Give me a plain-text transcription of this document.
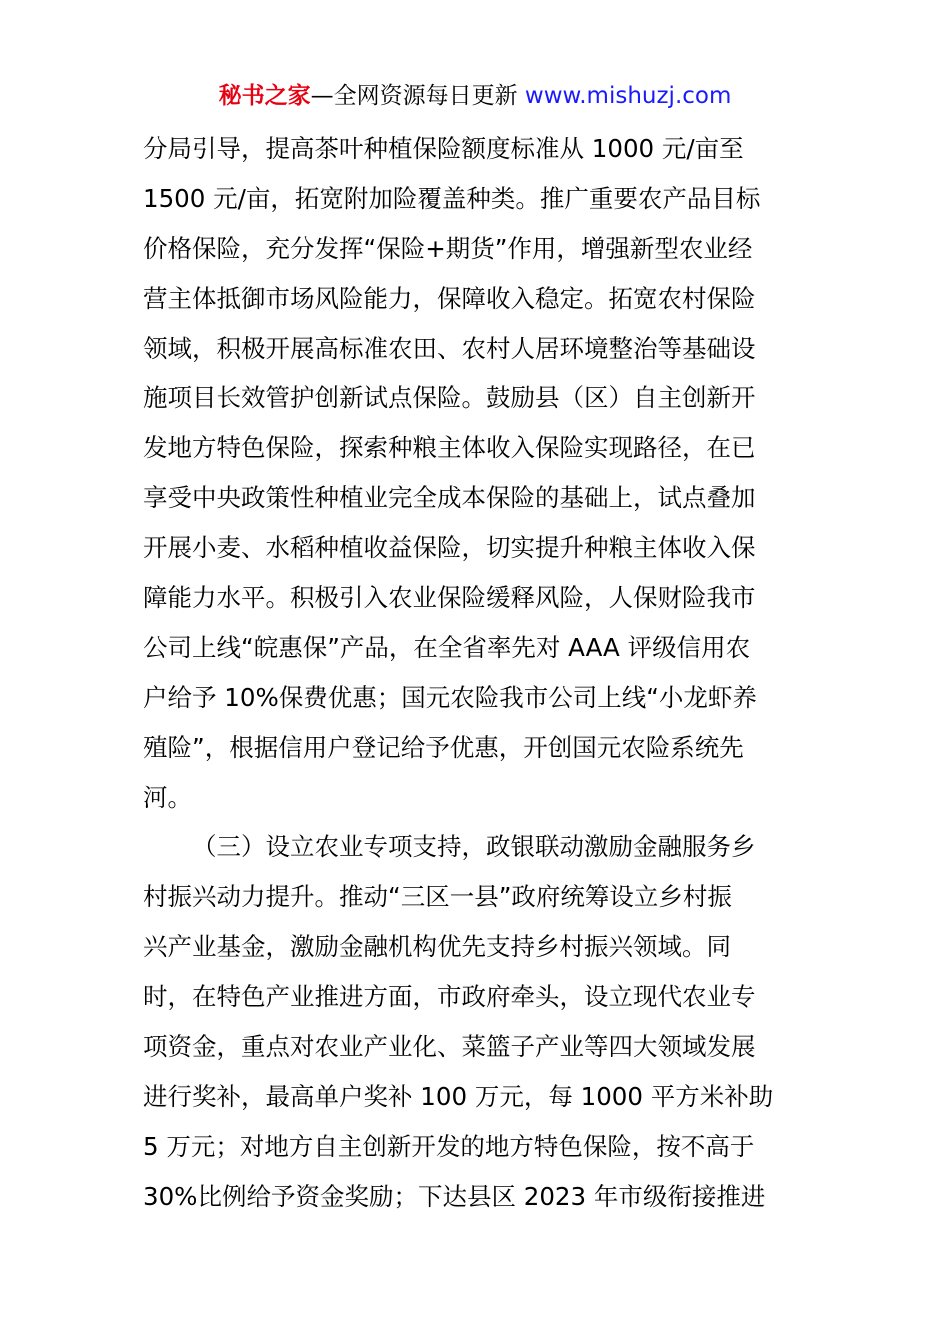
秘书之家—全网资源每日更新 www.mishuzj.com
分局引导，提高茶叶种植保险额度标准从 1000 元/亩至
1500 元/亩，拓宽附加险覆盖种类。推广重要农产品目标
价格保险，充分发挥“保险+期货”作用，增强新型农业经
营主体抵御市场风险能力，保障收入稳定。拓宽农村保险
领域，积极开展高标准农田、农村人居环境整治等基础设
施项目长效管护创新试点保险。鼓励县（区）自主创新开
发地方特色保险，探索种粮主体收入保险实现路径，在已
享受中央政策性种植业完全成本保险的基础上，试点叠加
开展小麦、水稻种植收益保险，切实提升种粮主体收入保
障能力水平。积极引入农业保险缓释风险，人保财险我市
公司上线“皖惠保”产品，在全省率先对 AAA 评级信用农
户给予 10%保费优惠；国元农险我市公司上线“小龙虾养
殖险”，根据信用户登记给予优惠，开创国元农险系统先
河。
（三）设立农业专项支持，政银联动激励金融服务乡
村振兴动力提升。推动“三区一县”政府统筹设立乡村振
兴产业基金，激励金融机构优先支持乡村振兴领域。同
时，在特色产业推进方面，市政府牵头，设立现代农业专
项资金，重点对农业产业化、菜篮子产业等四大领域发展
进行奖补，最高单户奖补 100 万元，每 1000 平方米补助
5 万元；对地方自主创新开发的地方特色保险，按不高于
30%比例给予资金奖励；下达县区 2023 年市级衔接推进
